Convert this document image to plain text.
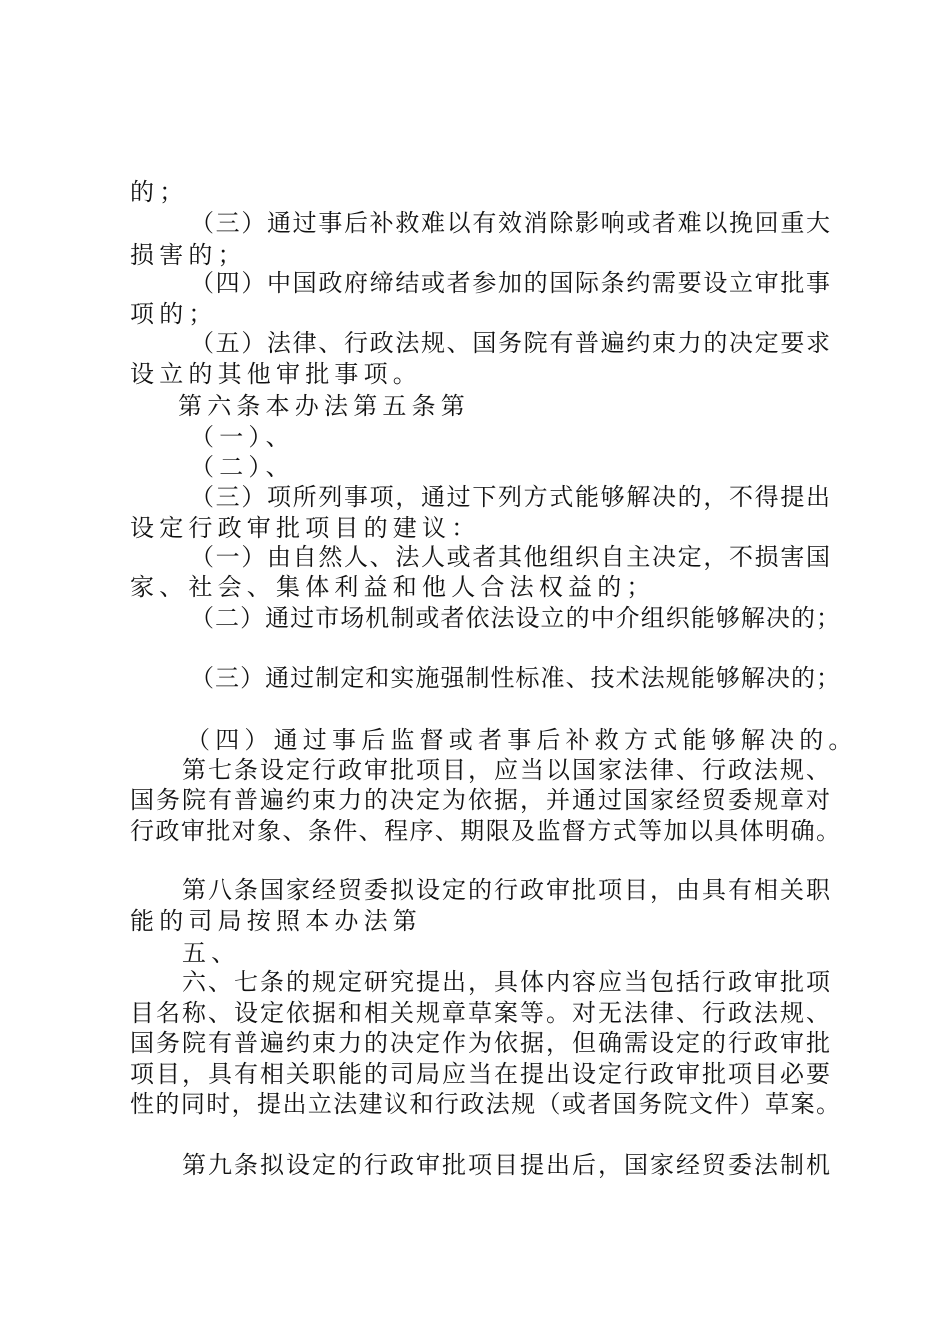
的；
（三）通过事后补救难以有效消除影响或者难以挽回重大
损害的；
（四）中国政府缔结或者参加的国际条约需要设立审批事
项的；
（五）法律、行政法规、国务院有普遍约束力的决定要求
设立的其他审批事项。
第六条本办法第五条第
（一）、
（二）、
（三）项所列事项，通过下列方式能够解决的，不得提出
设定行政审批项目的建议：
（一）由自然人、法人或者其他组织自主决定，不损害国
家、社会、集体利益和他人合法权益的；
（二）通过市场机制或者依法设立的中介组织能够解决的；
（三）通过制定和实施强制性标准、技术法规能够解决的；
（四）通过事后监督或者事后补救方式能够解决的。
第七条设定行政审批项目，应当以国家法律、行政法规、
国务院有普遍约束力的决定为依据，并通过国家经贸委规章对
行政审批对象、条件、程序、期限及监督方式等加以具体明确。
第八条国家经贸委拟设定的行政审批项目，由具有相关职
能的司局按照本办法第
五、
六、七条的规定研究提出，具体内容应当包括行政审批项
目名称、设定依据和相关规章草案等。对无法律、行政法规、
国务院有普遍约束力的决定作为依据，但确需设定的行政审批
项目，具有相关职能的司局应当在提出设定行政审批项目必要
性的同时，提出立法建议和行政法规（或者国务院文件）草案。
第九条拟设定的行政审批项目提出后，国家经贸委法制机
